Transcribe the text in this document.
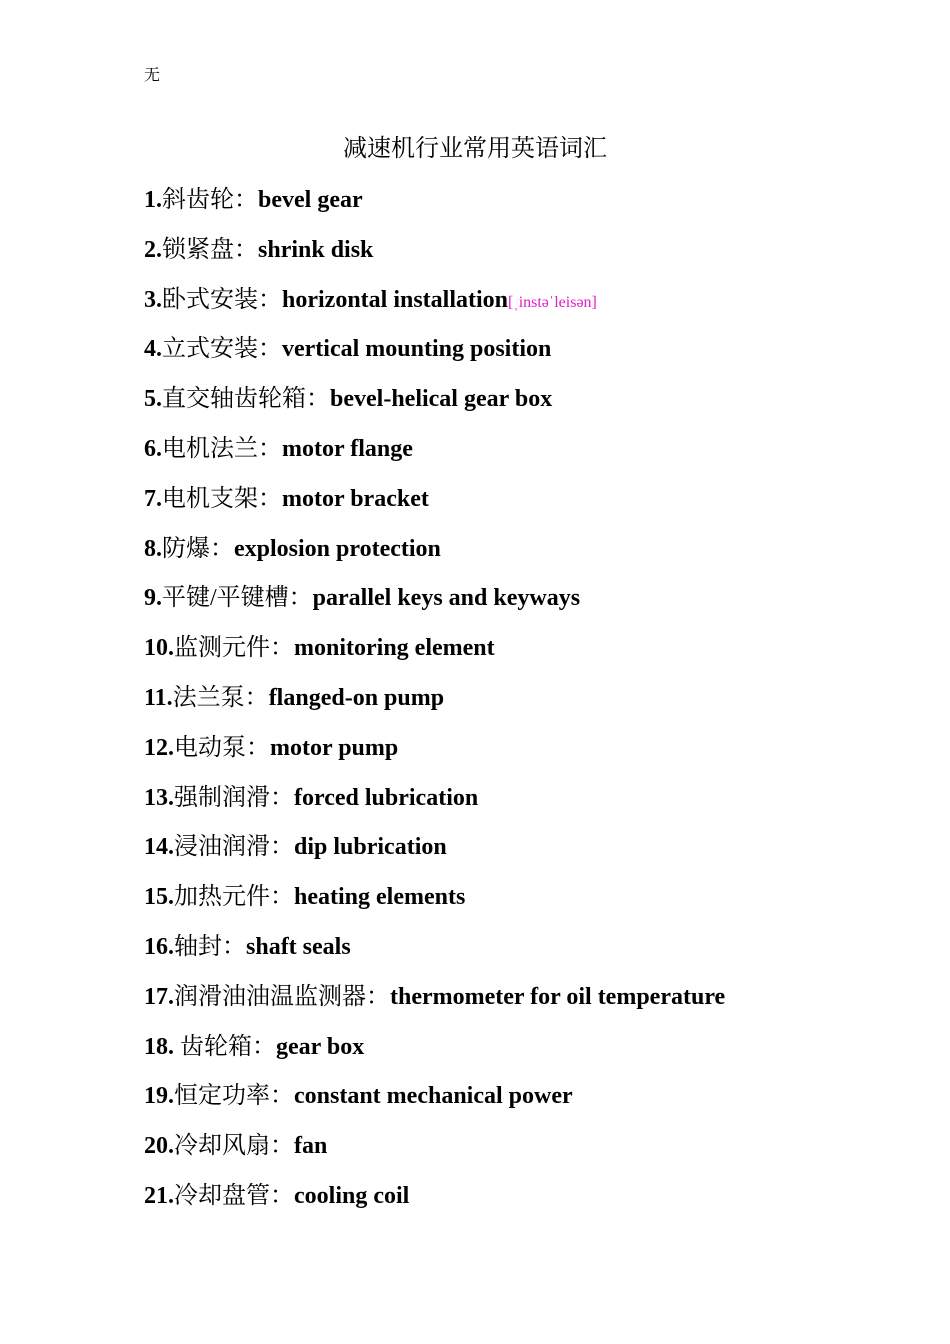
无
减速机行业常用英语词汇
1.斜齿轮：bevel gear
2.锁紧盘：shrink disk
3.卧式安装：horizontal installation[ˌinstəˈleisən]
4.立式安装：vertical mounting position
5.直交轴齿轮箱：bevel-helical gear box
6.电机法兰：motor flange
7.电机支架：motor bracket
8.防爆：explosion protection
9.平键/平键槽：parallel keys and keyways
10.监测元件：monitoring element
11.法兰泵：flanged-on pump
12.电动泵：motor pump
13.强制润滑：forced lubrication
14.浸油润滑：dip lubrication
15.加热元件：heating elements
16.轴封：shaft seals
17.润滑油油温监测器：thermometer for oil temperature
18. 齿轮箱：gear box
19.恒定功率：constant mechanical power
20.冷却风扇：fan
21.冷却盘管：cooling coil
